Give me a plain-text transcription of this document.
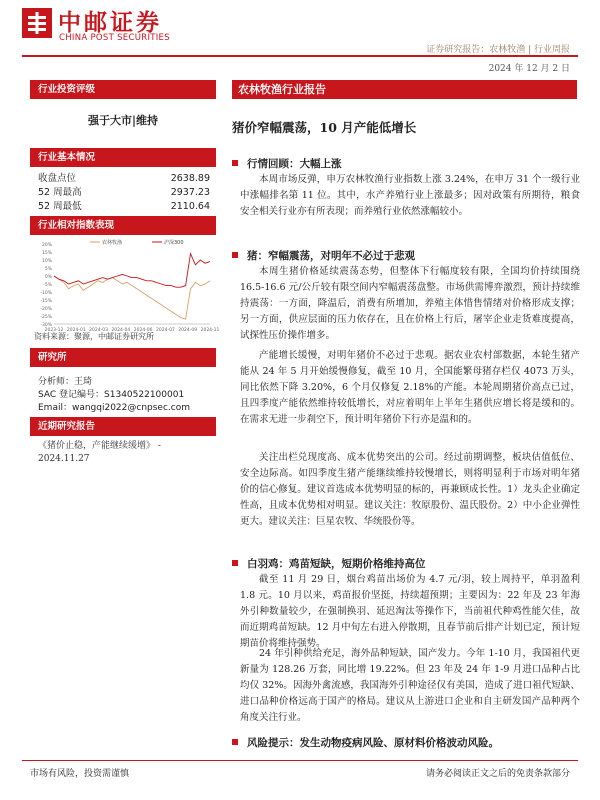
中邮证券
CHINA POST SECURITIES
证券研究报告：农林牧渔 | 行业周报
2024 年 12 月 2 日
行业投资评级
强于大市|维持
行业基本情况
收盘点位	2638.89
52 周最高	2937.23
52 周最低	2110.64
行业相对指数表现
20%
15%
10%
5%
0%
-5%
-10%
-15%
-20%
-25%
-30%
2023-12 2024-01 2024-03 2024-04 2024-06 2024-07 2024-09 2024-11
农林牧渔	沪深300
资料来源：聚源，中邮证券研究所
研究所
分析师：王琦
SAC 登记编号：S1340522100001
Email：wangqi2022@cnpsec.com
近期研究报告
《猪价止稳，产能继续缓增》 - 2024.11.27
农林牧渔行业报告
猪价窄幅震荡，10 月产能低增长
行情回顾：大幅上涨
本周市场反弹，申万农林牧渔行业指数上涨 3.24%，在申万 31 个一级行业中涨幅排名第 11 位。其中，水产养殖行业上涨最多；因对政策有所期待，粮食安全相关行业亦有所表现；而养殖行业依然涨幅较小。
猪：窄幅震荡，对明年不必过于悲观
本周生猪价格延续震荡态势，但整体下行幅度较有限，全国均价持续围绕 16.5-16.6 元/公斤较有限空间内窄幅震荡盘整。市场供需博弈激烈，预计持续维持震荡：一方面，降温后，消费有所增加，养殖主体惜售情绪对价格形成支撑；另一方面，供应层面的压力依存在，且在价格上行后，屠宰企业走货难度提高，试探性压价操作增多。
产能增长缓慢，对明年猪价不必过于悲观。据农业农村部数据，本轮生猪产能从 24 年 5 月开始缓慢修复，截至 10 月，全国能繁母猪存栏仅 4073 万头，同比依然下降 3.20%，6 个月仅修复 2.18%的产能。本轮周期猪价高点已过，且四季度产能依然维持较低增长，对应着明年上半年生猪供应增长将是缓和的。在需求无进一步刹空下，预计明年猪价下行亦是温和的。
关注出栏兑现度高、成本优势突出的公司。经过前期调整，板块估值低位、安全边际高。如四季度生猪产能继续维持较慢增长，则将明显利于市场对明年猪价的信心修复。建议首选成本优势明显的标的，再兼顾成长性。1）龙头企业确定性高，且成本优势相对明显。建议关注：牧原股份、温氏股份。2）中小企业弹性更大。建议关注：巨星农牧、华统股份等。
白羽鸡：鸡苗短缺，短期价格维持高位
截至 11 月 29 日，烟台鸡苗出场价为 4.7 元/羽，较上周持平，单羽盈利 1.8 元。10 月以来，鸡苗报价坚挺，持续超预期；主要因为：22 年及 23 年海外引种数量较少，在强制换羽、延迟淘汰等操作下，当前祖代种鸡性能欠佳，故而近期鸡苗短缺。12 月中旬左右进入停散期，且春节前后排产计划已定，预计短期苗价将维持强势。
24 年引种供给充足，海外品种短缺，国产发力。今年 1-10 月，我国祖代更新量为 128.26 万套，同比增 19.22%。但 23 年及 24 年 1-9 月进口品种占比均仅 32%。因海外禽流感，我国海外引种途径仅有美国，造成了进口祖代短缺、进口品种价格远高于国产的格局。建议从上游进口企业和自主研发国产品种两个角度关注行业。
风险提示：发生动物疫病风险、原材料价格波动风险。
市场有风险，投资需谨慎	请务必阅读正文之后的免责条款部分
